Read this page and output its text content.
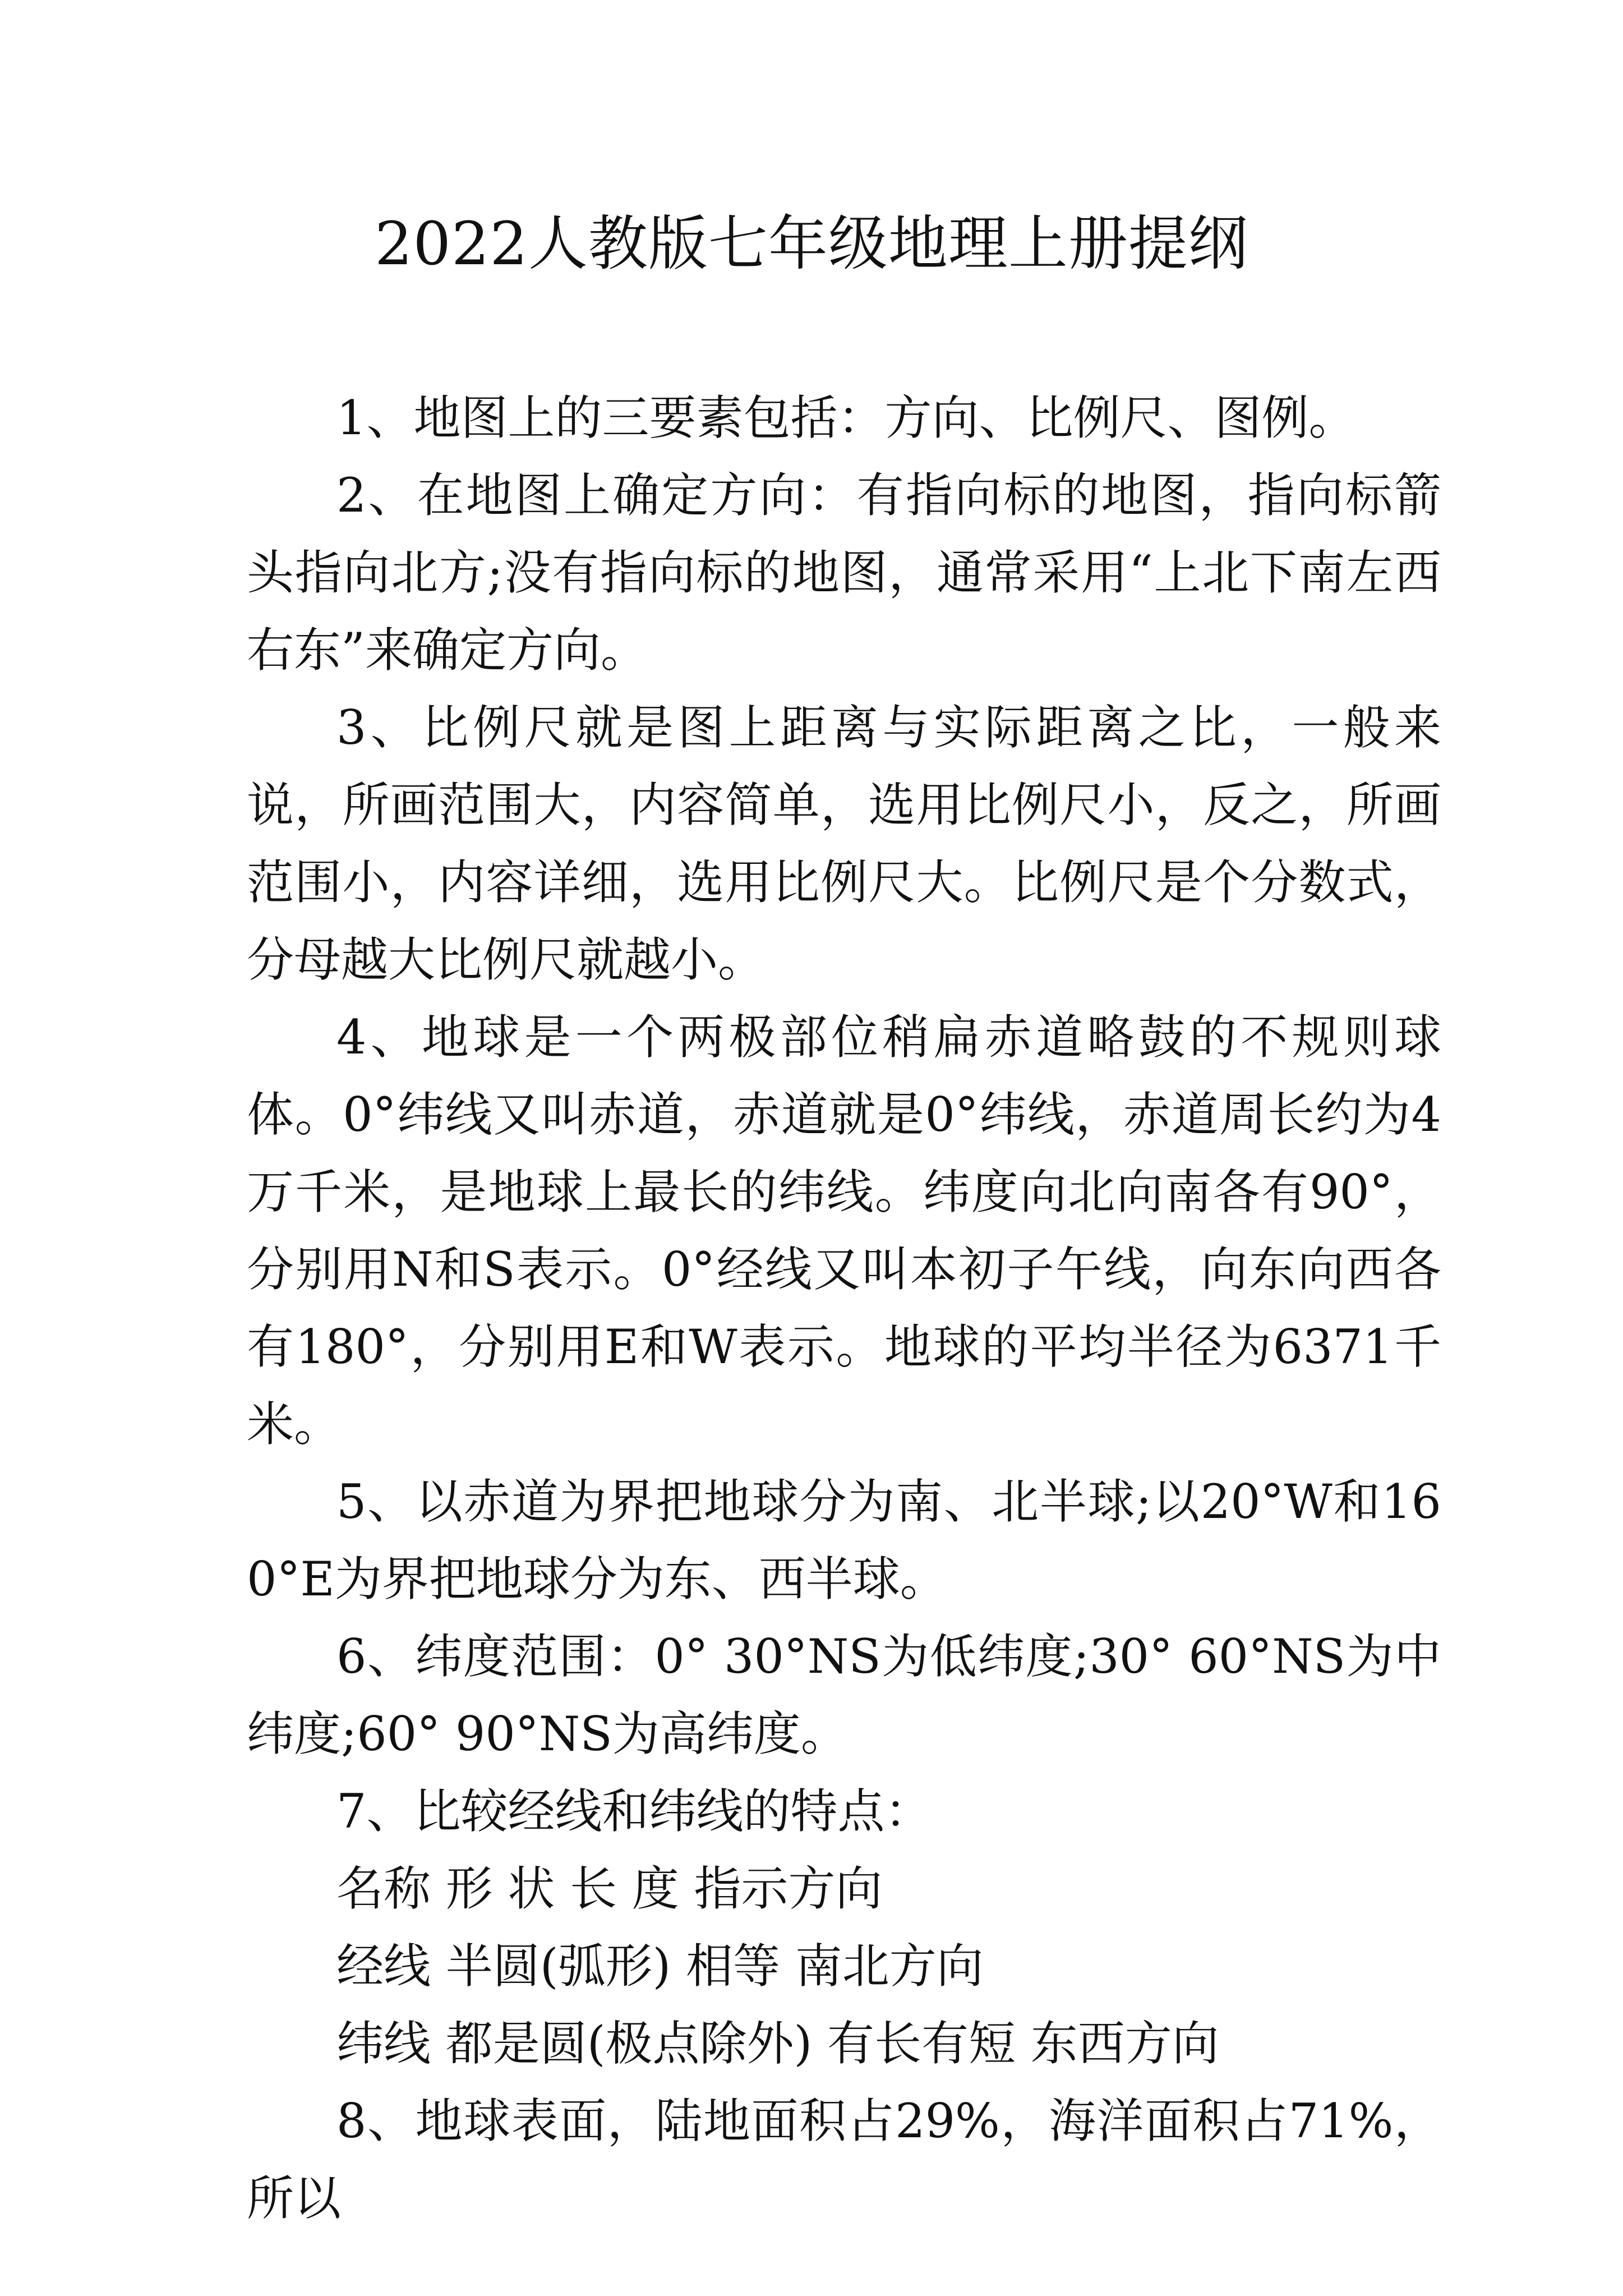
2022人教版七年级地理上册提纲

1、地图上的三要素包括：方向、比例尺、图例。

2、在地图上确定方向：有指向标的地图，指向标箭头指向北方;没有指向标的地图，通常采用“上北下南左西右东”来确定方向。

3、比例尺就是图上距离与实际距离之比，一般来说，所画范围大，内容简单，选用比例尺小，反之，所画范围小，内容详细，选用比例尺大。比例尺是个分数式，分母越大比例尺就越小。

4、地球是一个两极部位稍扁赤道略鼓的不规则球体。0°纬线又叫赤道，赤道就是0°纬线，赤道周长约为4万千米，是地球上最长的纬线。纬度向北向南各有90°，分别用N和S表示。0°经线又叫本初子午线，向东向西各有180°，分别用E和W表示。地球的平均半径为6371千米。

5、以赤道为界把地球分为南、北半球;以20°W和160°E为界把地球分为东、西半球。

6、纬度范围：0° 30°NS为低纬度;30° 60°NS为中纬度;60° 90°NS为高纬度。

7、比较经线和纬线的特点：

名称 形 状 长 度 指示方向

经线 半圆(弧形) 相等 南北方向

纬线 都是圆(极点除外) 有长有短 东西方向

8、地球表面，陆地面积占29%，海洋面积占71%，所以
